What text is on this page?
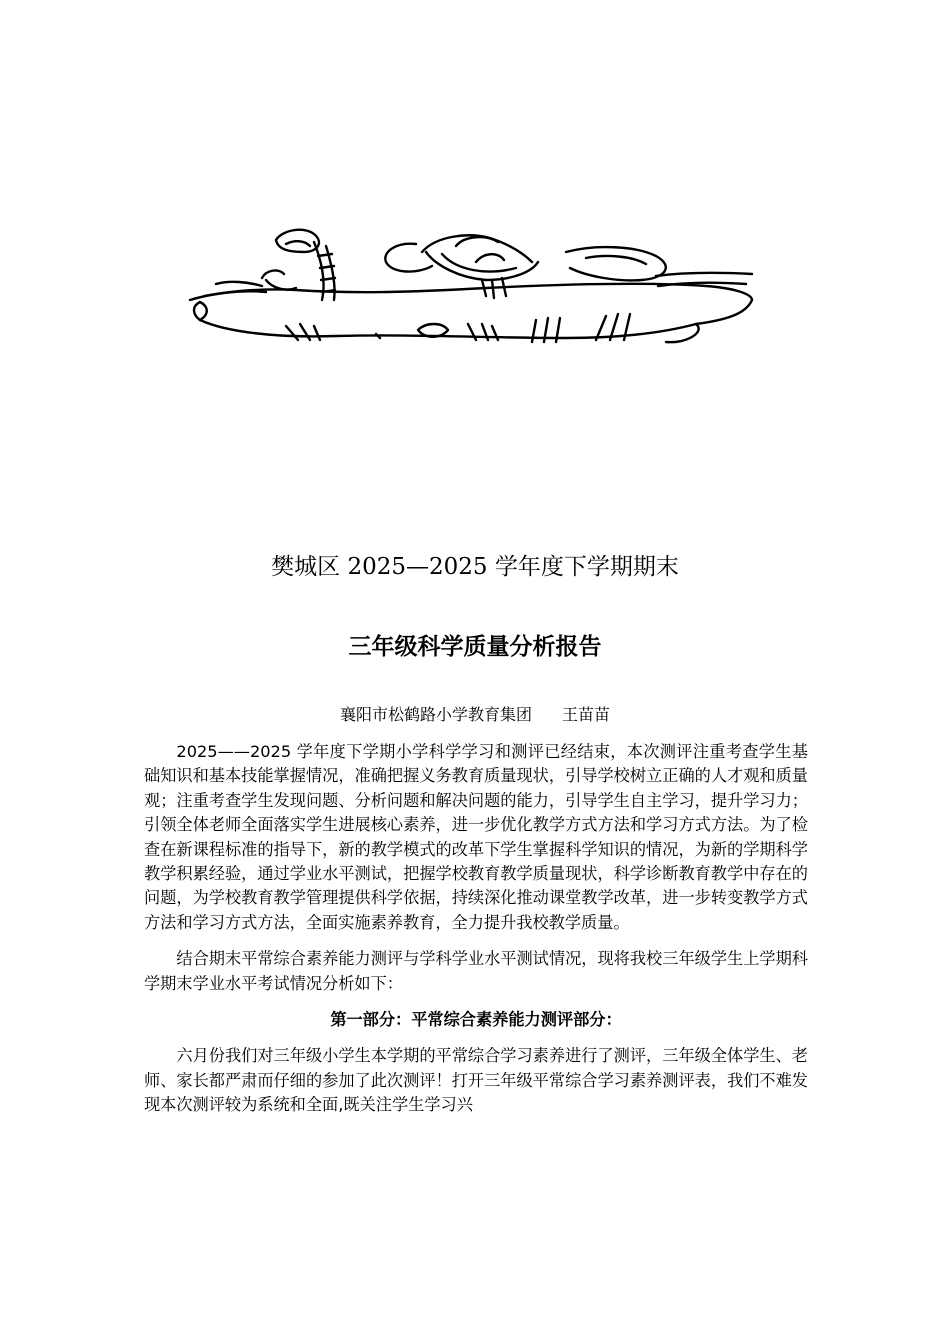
樊城区 2025—2025 学年度下学期期末
三年级科学质量分析报告
襄阳市松鹤路小学教育集团 王苗苗

2025——2025 学年度下学期小学科学学习和测评已经结束，本次测评注重考查学生基础知识和基本技能掌握情况，准确把握义务教育质量现状，引导学校树立正确的人才观和质量观；注重考查学生发现问题、分析问题和解决问题的能力，引导学生自主学习，提升学习力；引领全体老师全面落实学生进展核心素养，进一步优化教学方式方法和学习方式方法。为了检查在新课程标准的指导下，新的教学模式的改革下学生掌握科学知识的情况，为新的学期科学教学积累经验，通过学业水平测试，把握学校教育教学质量现状，科学诊断教育教学中存在的问题，为学校教育教学管理提供科学依据，持续深化推动课堂教学改革，进一步转变教学方式方法和学习方式方法，全面实施素养教育，全力提升我校教学质量。

结合期末平常综合素养能力测评与学科学业水平测试情况，现将我校三年级学生上学期科学期末学业水平考试情况分析如下：

第一部分：平常综合素养能力测评部分：

六月份我们对三年级小学生本学期的平常综合学习素养进行了测评，三年级全体学生、老师、家长都严肃而仔细的参加了此次测评！打开三年级平常综合学习素养测评表，我们不难发现本次测评较为系统和全面,既关注学生学习兴
